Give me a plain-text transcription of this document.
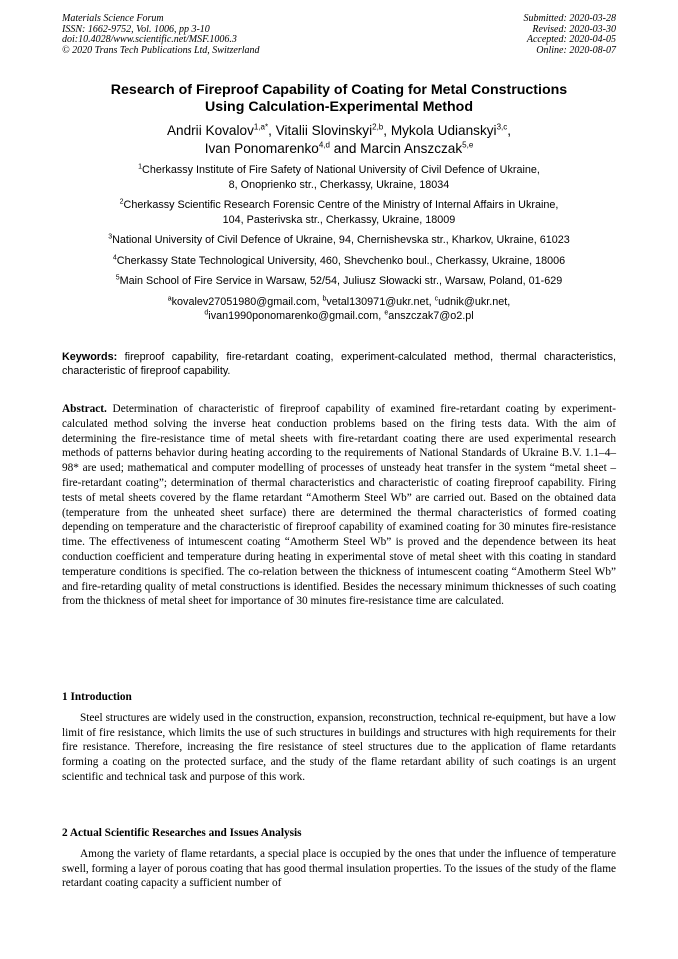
Materials Science Forum
ISSN: 1662-9752, Vol. 1006, pp 3-10
doi:10.4028/www.scientific.net/MSF.1006.3
© 2020 Trans Tech Publications Ltd, Switzerland
Submitted: 2020-03-28
Revised: 2020-03-30
Accepted: 2020-04-05
Online: 2020-08-07
Research of Fireproof Capability of Coating for Metal Constructions
Using Calculation-Experimental Method
Andrii Kovalov$^{1,a*}$, Vitalii Slovinskyi$^{2,b}$, Mykola Udianskyi$^{3,c}$,
Ivan Ponomarenko$^{4,d}$ and Marcin Anszczak$^{5,e}$
$^1$Cherkassy Institute of Fire Safety of National University of Civil Defence of Ukraine,
8, Onoprienko str., Cherkassy, Ukraine, 18034
$^2$Cherkassy Scientific Research Forensic Centre of the Ministry of Internal Affairs in Ukraine,
104, Pasterivska str., Cherkassy, Ukraine, 18009
$^3$National University of Civil Defence of Ukraine, 94, Chernishevska str., Kharkov, Ukraine, 61023
$^4$Cherkassy State Technological University, 460, Shevchenko boul., Cherkassy, Ukraine, 18006
$^5$Main School of Fire Service in Warsaw, 52/54, Juliusz Słowacki str., Warsaw, Poland, 01-629
$^a$kovalev27051980@gmail.com, $^b$vetal130971@ukr.net, $^c$udnik@ukr.net,
$^d$ivan1990ponomarenko@gmail.com, $^e$anszczak7@o2.pl
Keywords: fireproof capability, fire-retardant coating, experiment-calculated method, thermal characteristics, characteristic of fireproof capability.
Abstract. Determination of characteristic of fireproof capability of examined fire-retardant coating by experiment-calculated method solving the inverse heat conduction problems based on the firing tests data. With the aim of determining the fire-resistance time of metal sheets with fire-retardant coating there are used experimental research methods of patterns behavior during heating according to the requirements of National Standards of Ukraine B.V. 1.1–4–98* are used; mathematical and computer modelling of processes of unsteady heat transfer in the system “metal sheet – fire-retardant coating”; determination of thermal characteristics and characteristic of coating fireproof capability. Firing tests of metal sheets covered by the flame retardant “Amotherm Steel Wb” are carried out. Based on the obtained data (temperature from the unheated sheet surface) there are determined the thermal characteristics of formed coating depending on temperature and the characteristic of fireproof capability of examined coating for 30 minutes fire-resistance time. The effectiveness of intumescent coating “Amotherm Steel Wb” is proved and the dependence between its heat conduction coefficient and temperature during heating in experimental stove of metal sheet with this coating in standard temperature conditions is specified. The co-relation between the thickness of intumescent coating “Amotherm Steel Wb” and fire-retarding quality of metal constructions is identified. Besides the necessary minimum thicknesses of such coating from the thickness of metal sheet for importance of 30 minutes fire-resistance time are calculated.
1 Introduction

Steel structures are widely used in the construction, expansion, reconstruction, technical re-equipment, but have a low limit of fire resistance, which limits the use of such structures in buildings and structures with high requirements for their fire resistance. Therefore, increasing the fire resistance of steel structures due to the application of flame retardants forming a coating on the protected surface, and the study of the flame retardant ability of such coatings is an urgent scientific and technical task and purpose of this work.

2 Actual Scientific Researches and Issues Analysis

Among the variety of flame retardants, a special place is occupied by the ones that under the influence of temperature swell, forming a layer of porous coating that has good thermal insulation properties. To the issues of the study of the flame retardant coating capacity a sufficient number of
